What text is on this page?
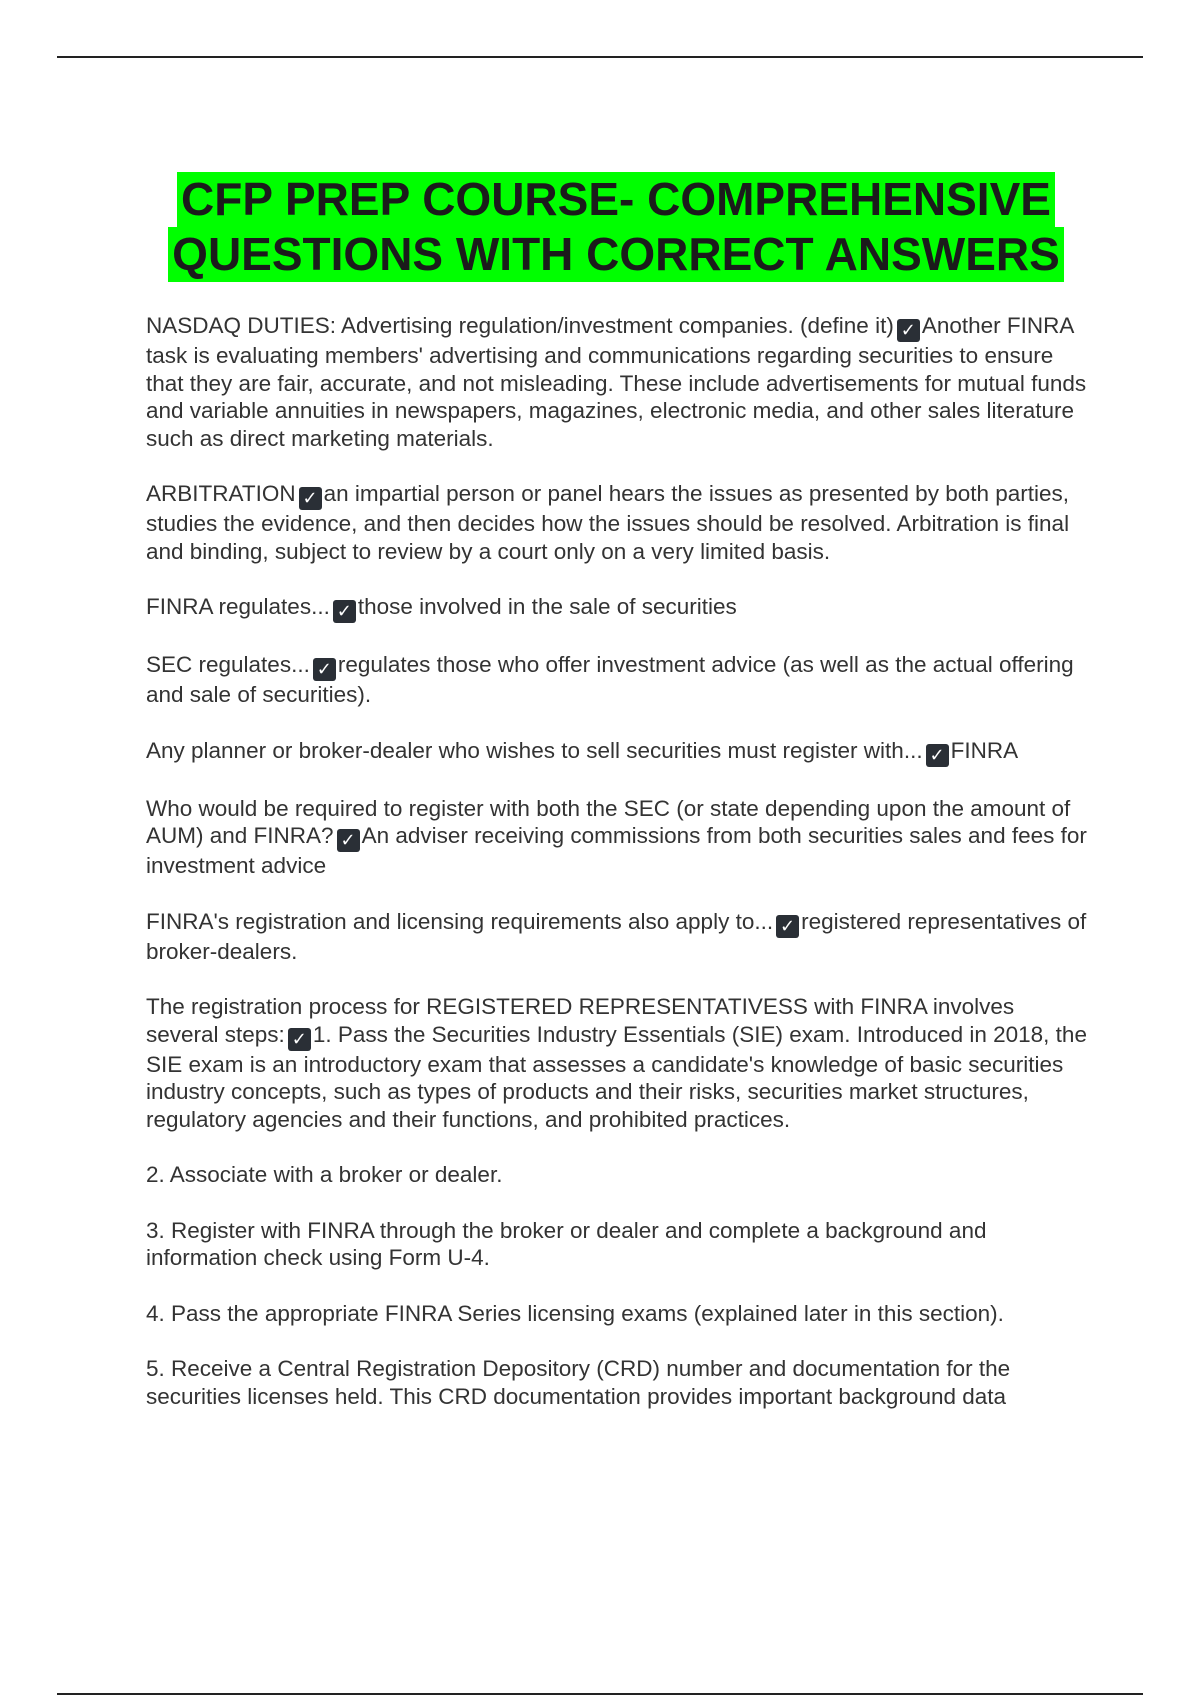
CFP PREP COURSE- COMPREHENSIVE
QUESTIONS WITH CORRECT ANSWERS

NASDAQ DUTIES: Advertising regulation/investment companies. (define it) ✓ Another FINRA task is evaluating members' advertising and communications regarding securities to ensure that they are fair, accurate, and not misleading. These include advertisements for mutual funds and variable annuities in newspapers, magazines, electronic media, and other sales literature such as direct marketing materials.

ARBITRATION ✓ an impartial person or panel hears the issues as presented by both parties, studies the evidence, and then decides how the issues should be resolved. Arbitration is final and binding, subject to review by a court only on a very limited basis.

FINRA regulates... ✓ those involved in the sale of securities

SEC regulates... ✓ regulates those who offer investment advice (as well as the actual offering and sale of securities).

Any planner or broker-dealer who wishes to sell securities must register with... ✓ FINRA

Who would be required to register with both the SEC (or state depending upon the amount of AUM) and FINRA? ✓ An adviser receiving commissions from both securities sales and fees for investment advice

FINRA's registration and licensing requirements also apply to... ✓ registered representatives of broker-dealers.

The registration process for REGISTERED REPRESENTATIVESS with FINRA involves several steps: ✓ 1. Pass the Securities Industry Essentials (SIE) exam. Introduced in 2018, the SIE exam is an introductory exam that assesses a candidate's knowledge of basic securities industry concepts, such as types of products and their risks, securities market structures, regulatory agencies and their functions, and prohibited practices.

2. Associate with a broker or dealer.

3. Register with FINRA through the broker or dealer and complete a background and information check using Form U-4.

4. Pass the appropriate FINRA Series licensing exams (explained later in this section).

5. Receive a Central Registration Depository (CRD) number and documentation for the securities licenses held. This CRD documentation provides important background data
